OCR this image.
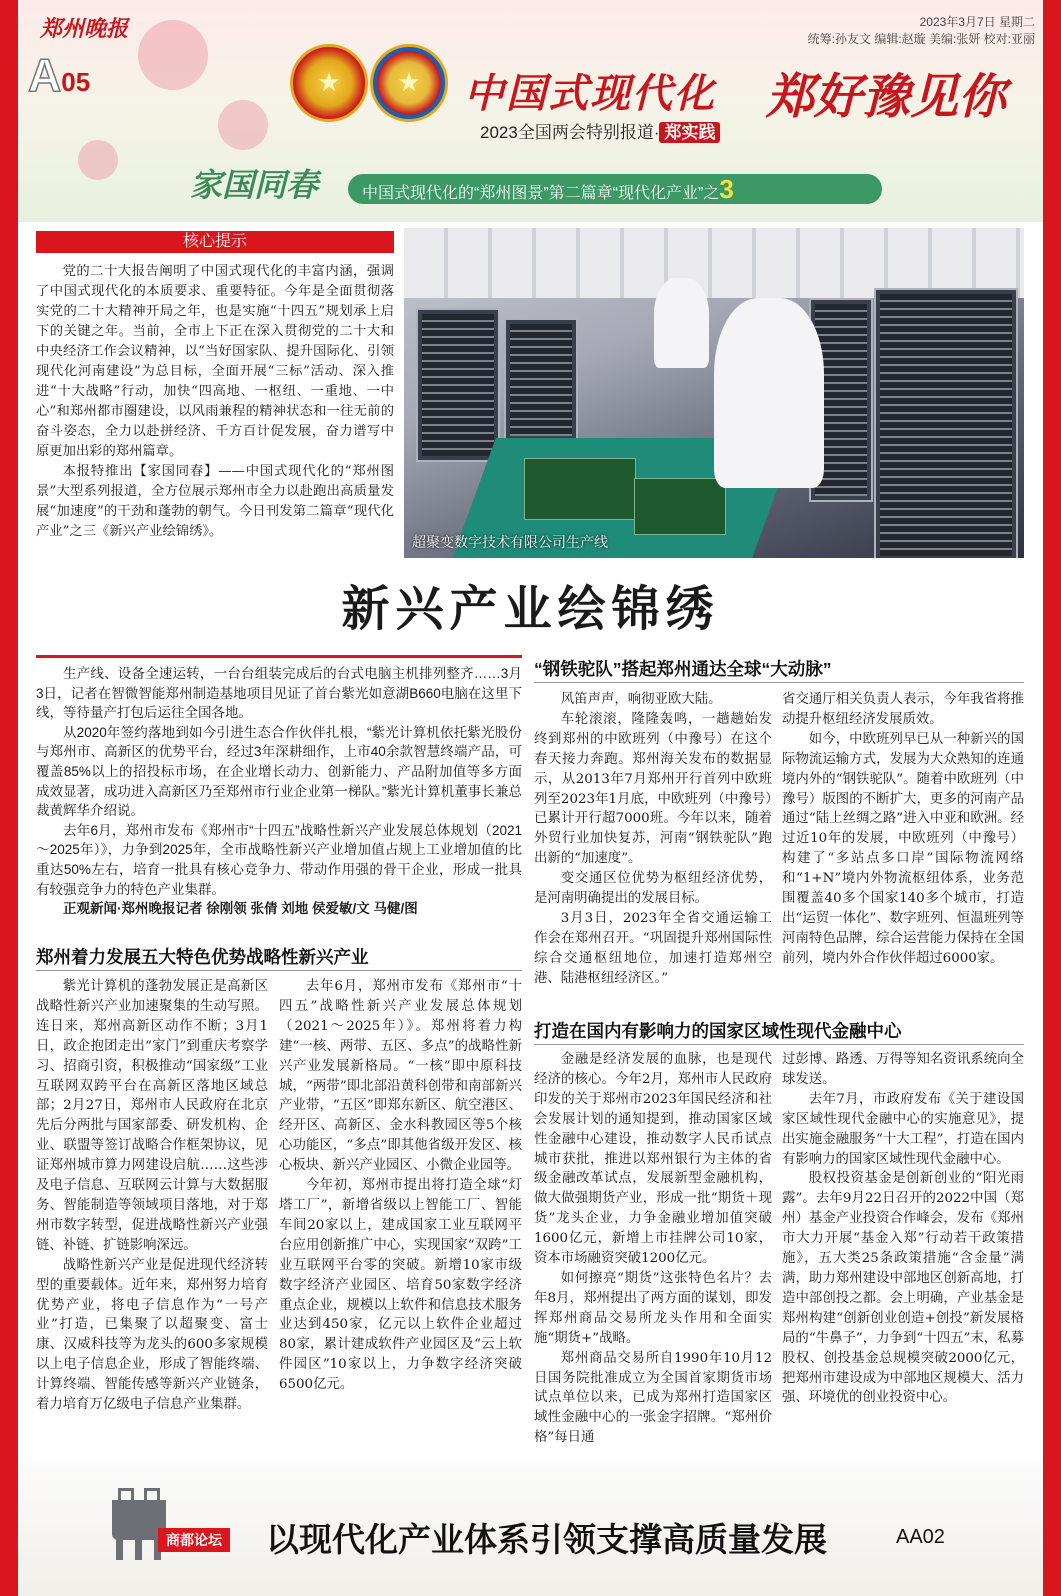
郑州晚报
A05	★ ★
2023年3月7日 星期二
统筹:孙友文 编辑:赵璇 美编:张妍 校对:亚丽
中国式现代化 郑好豫见你
2023全国两会特别报道· 郑实践
家国同春	中国式现代化的“郑州图景”第二篇章“现代化产业”之3
核心提示

党的二十大报告阐明了中国式现代化的丰富内涵，强调了中国式现代化的本质要求、重要特征。今年是全面贯彻落实党的二十大精神开局之年，也是实施“十四五”规划承上启下的关键之年。当前，全市上下正在深入贯彻党的二十大和中央经济工作会议精神，以“当好国家队、提升国际化、引领现代化河南建设”为总目标，全面开展“三标”活动、深入推进“十大战略”行动，加快“四高地、一枢纽、一重地、一中心”和郑州都市圈建设，以风雨兼程的精神状态和一往无前的奋斗姿态，全力以赴拼经济、千方百计促发展，奋力谱写中原更加出彩的郑州篇章。

本报特推出【家国同春】——中国式现代化的“郑州图景”大型系列报道，全方位展示郑州市全力以赴跑出高质量发展“加速度”的干劲和蓬勃的朝气。今日刊发第二篇章“现代化产业”之三《新兴产业绘锦绣》。

超聚变数字技术有限公司生产线
新兴产业绘锦绣

生产线、设备全速运转，一台台组装完成后的台式电脑主机排列整齐……3月3日，记者在智微智能郑州制造基地项目见证了首台紫光如意湖B660电脑在这里下线，等待量产打包后运往全国各地。

从2020年签约落地到如今引进生态合作伙伴扎根，“紫光计算机依托紫光股份与郑州市、高新区的优势平台，经过3年深耕细作，上市40余款智慧终端产品，可覆盖85%以上的招投标市场，在企业增长动力、创新能力、产品附加值等多方面成效显著，成功进入高新区乃至郑州市行业企业第一梯队。”紫光计算机董事长兼总裁黄辉华介绍说。

去年6月，郑州市发布《郑州市“十四五”战略性新兴产业发展总体规划（2021～2025年）》，力争到2025年，全市战略性新兴产业增加值占规上工业增加值的比重达50%左右，培育一批具有核心竞争力、带动作用强的骨干企业，形成一批具有较强竞争力的特色产业集群。

正观新闻·郑州晚报记者 徐刚领 张倩 刘地 侯爱敏/文 马健/图

郑州着力发展五大特色优势战略性新兴产业

紫光计算机的蓬勃发展正是高新区战略性新兴产业加速聚集的生动写照。连日来，郑州高新区动作不断；3月1日，政企抱团走出“家门”到重庆考察学习、招商引资，积极推动“国家级”工业互联网双跨平台在高新区落地区域总部；2月27日，郑州市人民政府在北京先后分两批与国家部委、研发机构、企业、联盟等签订战略合作框架协议，见证郑州城市算力网建设启航……这些涉及电子信息、互联网云计算与大数据服务、智能制造等领域项目落地，对于郑州市数字转型，促进战略性新兴产业强链、补链、扩链影响深远。

战略性新兴产业是促进现代经济转型的重要载体。近年来，郑州努力培育优势产业，将电子信息作为“一号产业”打造，已集聚了以超聚变、富士康、汉威科技等为龙头的600多家规模以上电子信息企业，形成了智能终端、计算终端、智能传感等新兴产业链条，着力培育万亿级电子信息产业集群。

去年6月，郑州市发布《郑州市“十四五”战略性新兴产业发展总体规划（2021～2025年）》。郑州将着力构建“一核、两带、五区、多点”的战略性新兴产业发展新格局。“一核”即中原科技城，“两带”即北部沿黄科创带和南部新兴产业带，“五区”即郑东新区、航空港区、经开区、高新区、金水科教园区等5个核心功能区，“多点”即其他省级开发区、核心板块、新兴产业园区、小微企业园等。

今年初，郑州市提出将打造全球“灯塔工厂”，新增省级以上智能工厂、智能车间20家以上，建成国家工业互联网平台应用创新推广中心，实现国家“双跨”工业互联网平台零的突破。新增10家市级数字经济产业园区、培育50家数字经济重点企业，规模以上软件和信息技术服务业达到450家，亿元以上软件企业超过80家，累计建成软件产业园区及“云上软件园区”10家以上，力争数字经济突破6500亿元。

“钢铁驼队”搭起郑州通达全球“大动脉”

风笛声声，响彻亚欧大陆。

车轮滚滚，隆隆轰鸣，一趟趟始发终到郑州的中欧班列（中豫号）在这个春天接力奔跑。郑州海关发布的数据显示，从2013年7月郑州开行首列中欧班列至2023年1月底，中欧班列（中豫号）已累计开行超7000班。今年以来，随着外贸行业加快复苏，河南“钢铁驼队”跑出新的“加速度”。

变交通区位优势为枢纽经济优势，是河南明确提出的发展目标。

3月3日，2023年全省交通运输工作会在郑州召开。“巩固提升郑州国际性综合交通枢纽地位，加速打造郑州空港、陆港枢纽经济区。”

省交通厅相关负责人表示，今年我省将推动提升枢纽经济发展质效。

如今，中欧班列早已从一种新兴的国际物流运输方式，发展为大众熟知的连通境内外的“钢铁驼队”。随着中欧班列（中豫号）版图的不断扩大，更多的河南产品通过“陆上丝绸之路”进入中亚和欧洲。经过近10年的发展，中欧班列（中豫号）构建了“多站点多口岸”国际物流网络和“1+N”境内外物流枢纽体系，业务范围覆盖40多个国家140多个城市，打造出“运贸一体化”、数字班列、恒温班列等河南特色品牌，综合运营能力保持在全国前列，境内外合作伙伴超过6000家。

打造在国内有影响力的国家区域性现代金融中心

金融是经济发展的血脉，也是现代经济的核心。今年2月，郑州市人民政府印发的关于郑州市2023年国民经济和社会发展计划的通知提到，推动国家区域性金融中心建设，推动数字人民币试点城市获批，推进以郑州银行为主体的省级金融改革试点，发展新型金融机构，做大做强期货产业，形成一批“期货＋现货”龙头企业，力争金融业增加值突破1600亿元，新增上市挂牌公司10家，资本市场融资突破1200亿元。

如何擦亮“期货”这张特色名片？去年8月，郑州提出了两方面的谋划，即发挥郑州商品交易所龙头作用和全面实施“期货+”战略。

郑州商品交易所自1990年10月12日国务院批准成立为全国首家期货市场试点单位以来，已成为郑州打造国家区域性金融中心的一张金字招牌。“郑州价格”每日通

过彭博、路透、万得等知名资讯系统向全球发送。

去年7月，市政府发布《关于建设国家区域性现代金融中心的实施意见》，提出实施金融服务“十大工程”，打造在国内有影响力的国家区域性现代金融中心。

股权投资基金是创新创业的“阳光雨露”。去年9月22日召开的2022中国（郑州）基金产业投资合作峰会，发布《郑州市大力开展“基金入郑”行动若干政策措施》，五大类25条政策措施“含金量”满满，助力郑州建设中部地区创新高地，打造中部创投之都。会上明确，产业基金是郑州构建“创新创业创造+创投”新发展格局的“牛鼻子”，力争到“十四五”末，私募股权、创投基金总规模突破2000亿元，把郑州市建设成为中部地区规模大、活力强、环境优的创业投资中心。

商都论坛 以现代化产业体系引领支撑高质量发展	AA02
